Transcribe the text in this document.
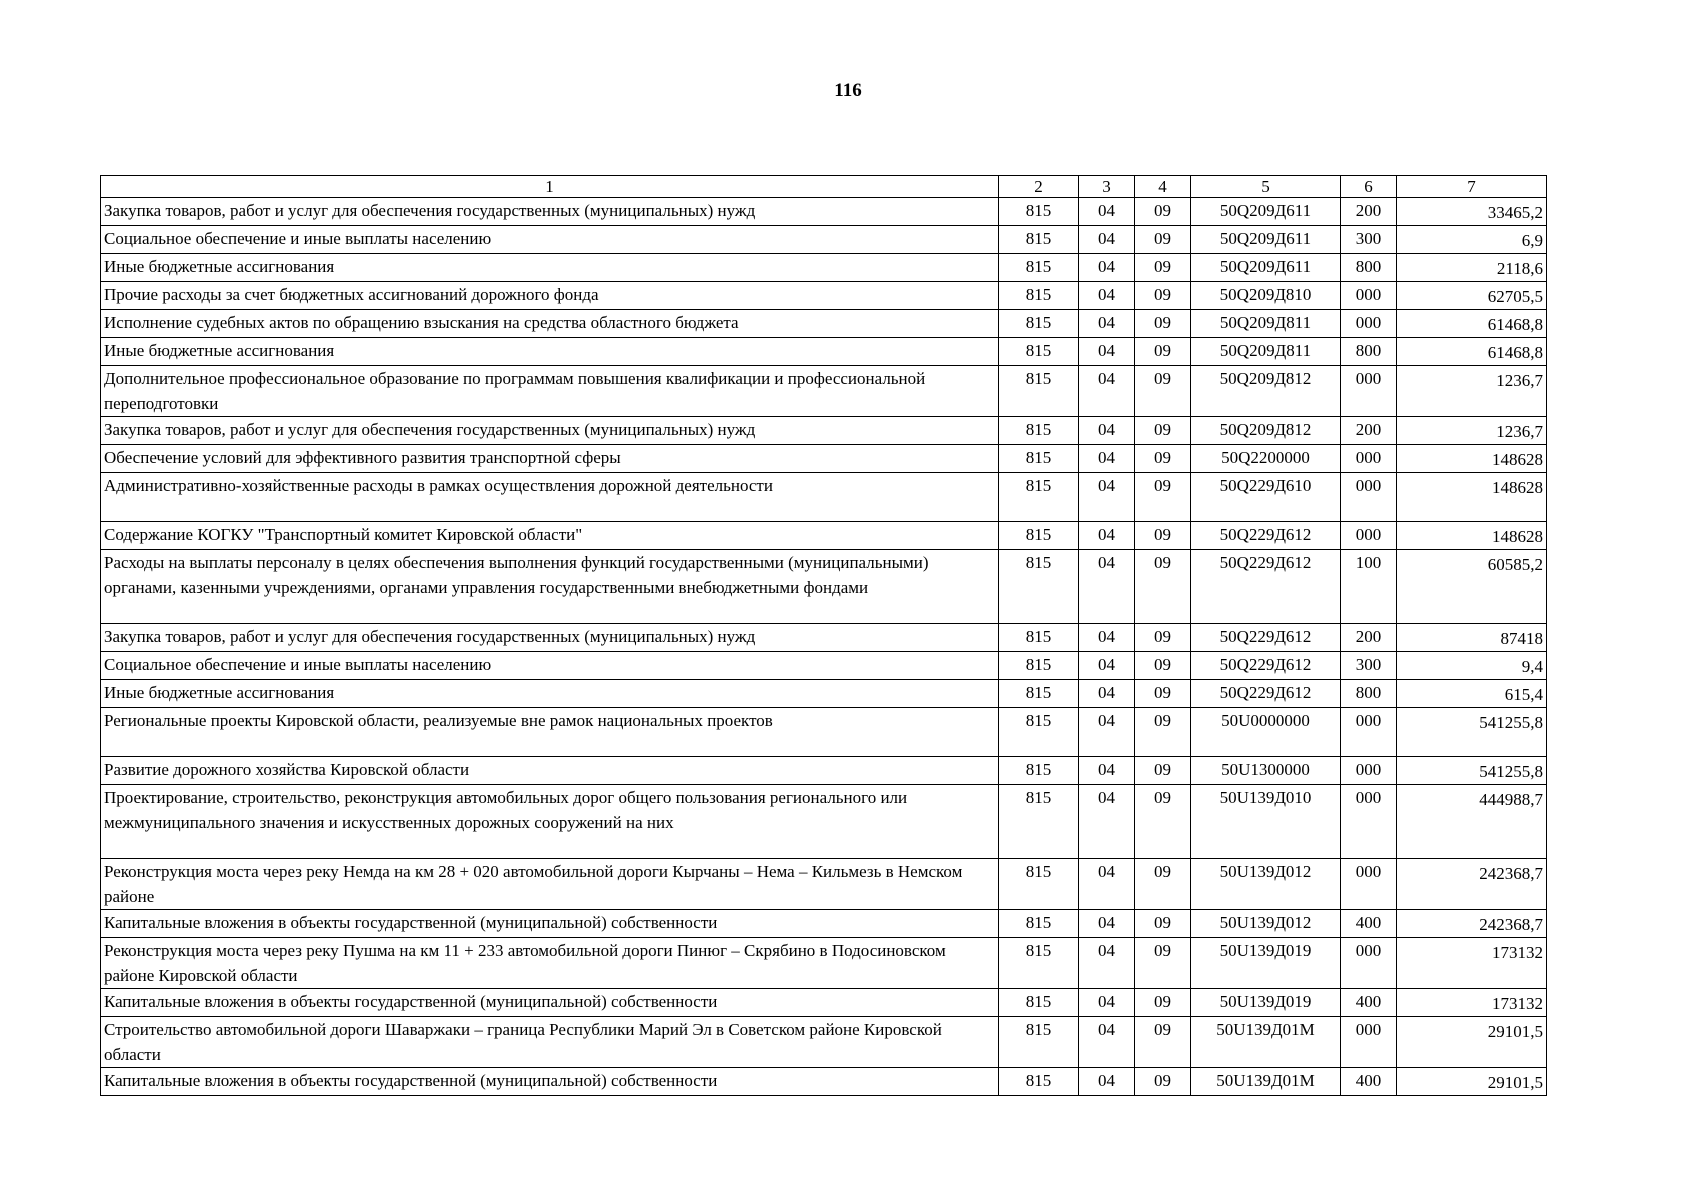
116
1	2	3	4	5	6	7
Закупка товаров, работ и услуг для обеспечения государственных (муниципальных) нужд	815	04	09	50Q209Д611	200	33465,2
Социальное обеспечение и иные выплаты населению	815	04	09	50Q209Д611	300	6,9
Иные бюджетные ассигнования	815	04	09	50Q209Д611	800	2118,6
Прочие расходы за счет бюджетных ассигнований дорожного фонда	815	04	09	50Q209Д810	000	62705,5
Исполнение судебных актов по обращению взыскания на средства областного бюджета	815	04	09	50Q209Д811	000	61468,8
Иные бюджетные ассигнования	815	04	09	50Q209Д811	800	61468,8
Дополнительное профессиональное образование по программам повышения квалификации и профессиональной переподготовки	815	04	09	50Q209Д812	000	1236,7
Закупка товаров, работ и услуг для обеспечения государственных (муниципальных) нужд	815	04	09	50Q209Д812	200	1236,7
Обеспечение условий для эффективного развития транспортной сферы	815	04	09	50Q2200000	000	148628
Административно-хозяйственные расходы в рамках осуществления дорожной деятельности	815	04	09	50Q229Д610	000	148628
Содержание КОГКУ "Транспортный комитет Кировской области"	815	04	09	50Q229Д612	000	148628
Расходы на выплаты персоналу в целях обеспечения выполнения функций государственными (муниципальными) органами, казенными учреждениями, органами управления государственными внебюджетными фондами	815	04	09	50Q229Д612	100	60585,2
Закупка товаров, работ и услуг для обеспечения государственных (муниципальных) нужд	815	04	09	50Q229Д612	200	87418
Социальное обеспечение и иные выплаты населению	815	04	09	50Q229Д612	300	9,4
Иные бюджетные ассигнования	815	04	09	50Q229Д612	800	615,4
Региональные проекты Кировской области, реализуемые вне рамок национальных проектов	815	04	09	50U0000000	000	541255,8
Развитие дорожного хозяйства Кировской области	815	04	09	50U1300000	000	541255,8
Проектирование, строительство, реконструкция автомобильных дорог общего пользования регионального или межмуниципального значения и искусственных дорожных сооружений на них	815	04	09	50U139Д010	000	444988,7
Реконструкция моста через реку Немда на км 28 + 020 автомобильной дороги Кырчаны – Нема – Кильмезь в Немском районе	815	04	09	50U139Д012	000	242368,7
Капитальные вложения в объекты государственной (муниципальной) собственности	815	04	09	50U139Д012	400	242368,7
Реконструкция моста через реку Пушма на км 11 + 233 автомобильной дороги Пинюг – Скрябино в Подосиновском районе Кировской области	815	04	09	50U139Д019	000	173132
Капитальные вложения в объекты государственной (муниципальной) собственности	815	04	09	50U139Д019	400	173132
Строительство автомобильной дороги Шаваржаки – граница Республики Марий Эл в Советском районе Кировской области	815	04	09	50U139Д01М	000	29101,5
Капитальные вложения в объекты государственной (муниципальной) собственности	815	04	09	50U139Д01М	400	29101,5
